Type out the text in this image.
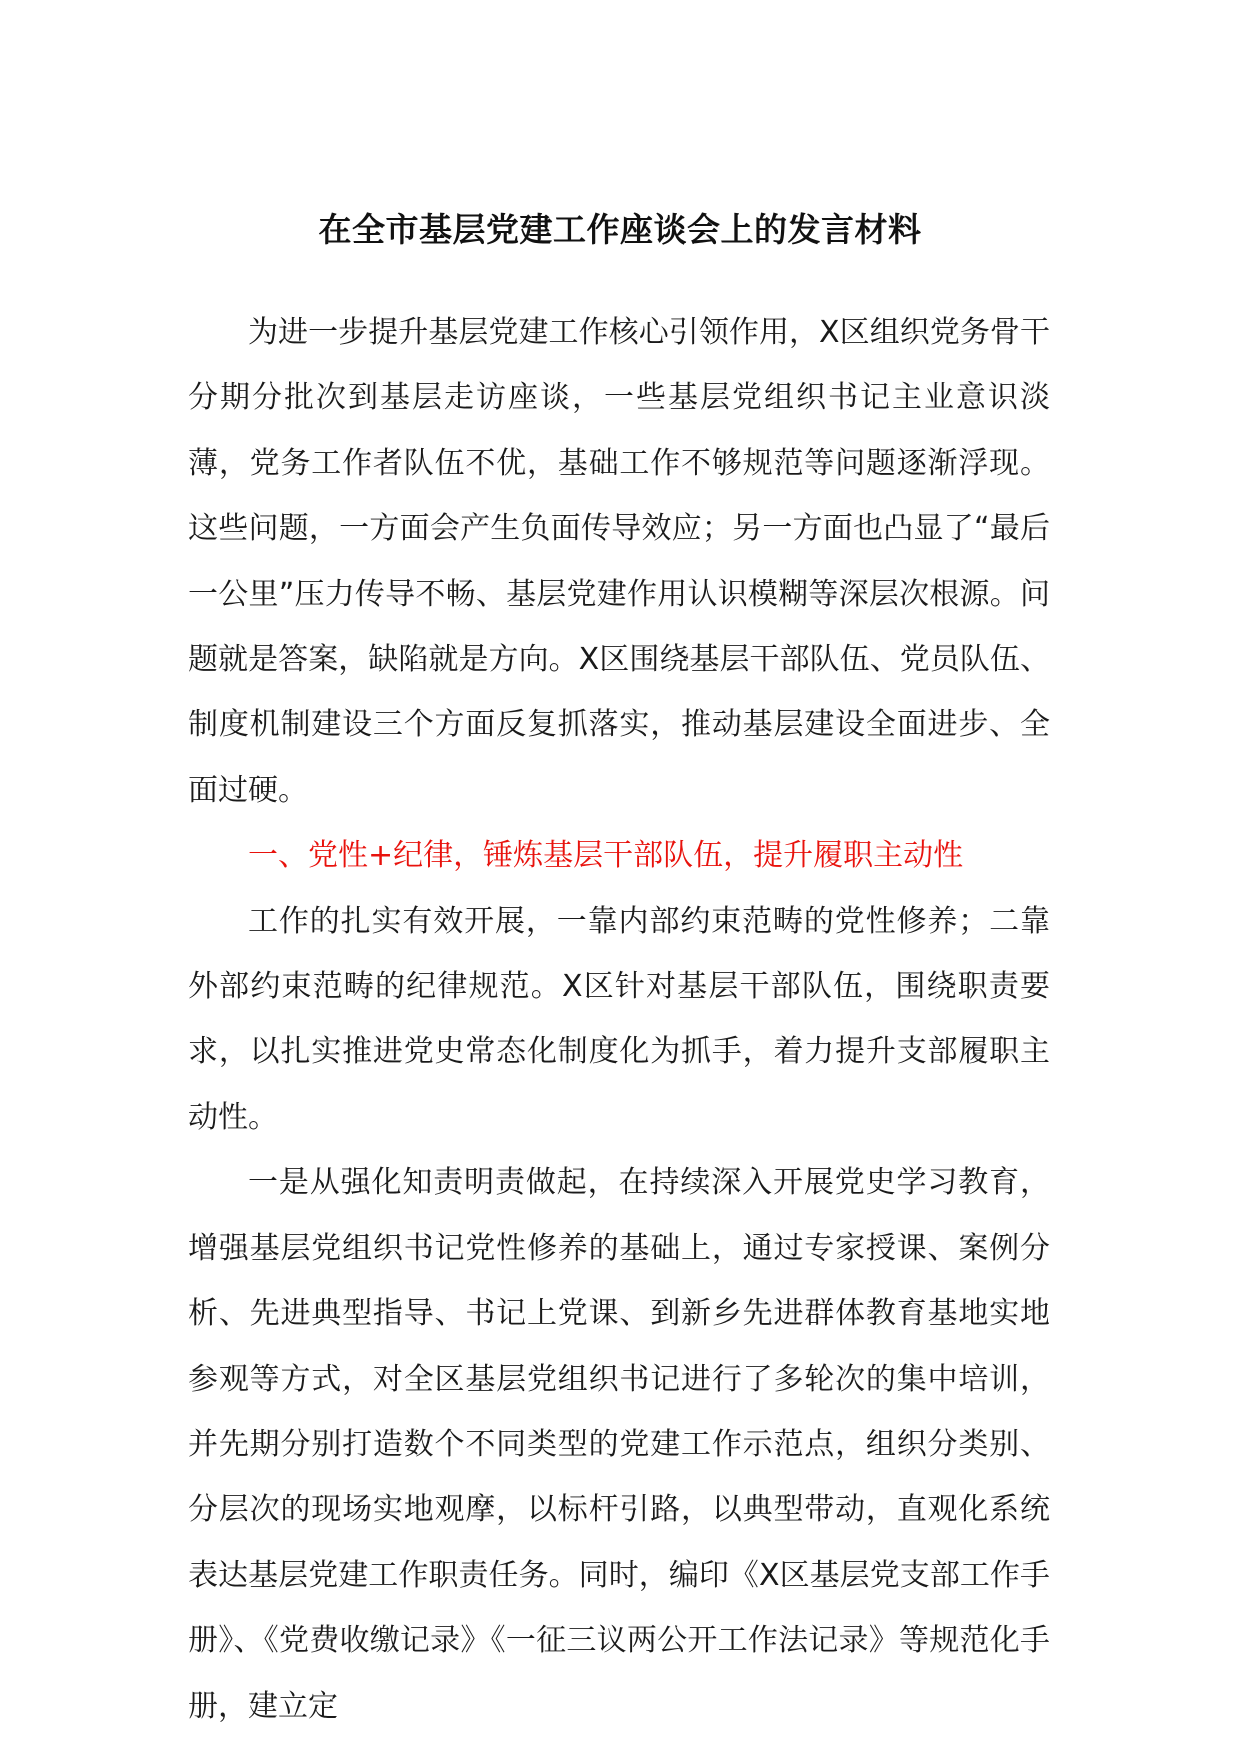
在全市基层党建工作座谈会上的发言材料

为进一步提升基层党建工作核心引领作用，X区组织党务骨干分期分批次到基层走访座谈，一些基层党组织书记主业意识淡薄，党务工作者队伍不优，基础工作不够规范等问题逐渐浮现。这些问题，一方面会产生负面传导效应；另一方面也凸显了“最后一公里”压力传导不畅、基层党建作用认识模糊等深层次根源。问题就是答案，缺陷就是方向。X区围绕基层干部队伍、党员队伍、制度机制建设三个方面反复抓落实，推动基层建设全面进步、全面过硬。

一、党性+纪律，锤炼基层干部队伍，提升履职主动性

工作的扎实有效开展，一靠内部约束范畴的党性修养；二靠外部约束范畴的纪律规范。X区针对基层干部队伍，围绕职责要求，以扎实推进党史常态化制度化为抓手，着力提升支部履职主动性。

一是从强化知责明责做起，在持续深入开展党史学习教育，增强基层党组织书记党性修养的基础上，通过专家授课、案例分析、先进典型指导、书记上党课、到新乡先进群体教育基地实地参观等方式，对全区基层党组织书记进行了多轮次的集中培训，并先期分别打造数个不同类型的党建工作示范点，组织分类别、分层次的现场实地观摩，以标杆引路，以典型带动，直观化系统表达基层党建工作职责任务。同时，编印《X区基层党支部工作手册》、《党费收缴记录》《一征三议两公开工作法记录》等规范化手册，建立定
